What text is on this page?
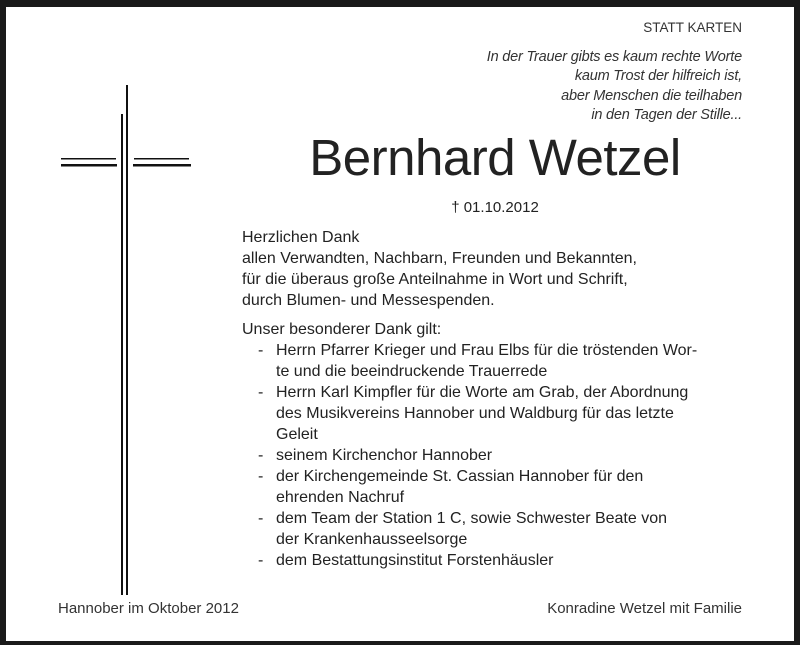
STATT KARTEN
In der Trauer gibts es kaum rechte Worte
kaum Trost der hilfreich ist,
aber Menschen die teilhaben
in den Tagen der Stille...
Bernhard Wetzel
† 01.10.2012
Herzlichen Dank
allen Verwandten, Nachbarn, Freunden und Bekannten,
für die überaus große Anteilnahme in Wort und Schrift,
durch Blumen- und Messespenden.
Unser besonderer Dank gilt:
- Herrn Pfarrer Krieger und Frau Elbs für die tröstenden Wor-
te und die beeindruckende Trauerrede
- Herrn Karl Kimpfler für die Worte am Grab, der Abordnung
des Musikvereins Hannober und Waldburg für das letzte
Geleit
- seinem Kirchenchor Hannober
- der Kirchengemeinde St. Cassian Hannober für den
ehrenden Nachruf
- dem Team der Station 1 C, sowie Schwester Beate von
der Krankenhausseelsorge
- dem Bestattungsinstitut Forstenhäusler
Hannober im Oktober 2012	Konradine Wetzel mit Familie
